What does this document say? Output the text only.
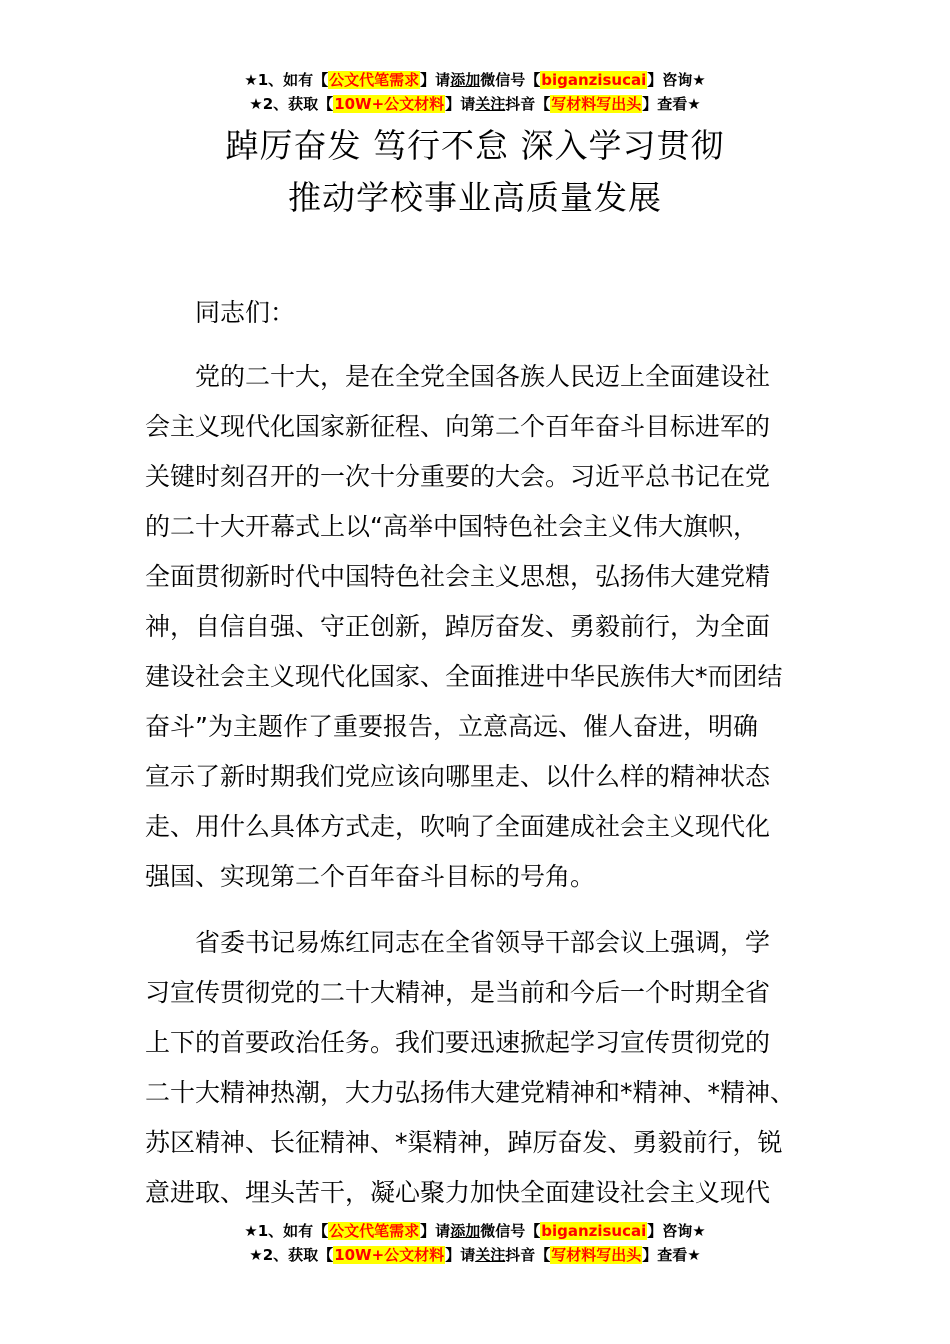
★1、如有【公文代笔需求】请添加微信号【biganzisucai】咨询★
★2、获取【10W+公文材料】请关注抖音【写材料写出头】查看★
踔厉奋发 笃行不怠 深入学习贯彻
推动学校事业高质量发展
同志们：
党的二十大，是在全党全国各族人民迈上全面建设社
会主义现代化国家新征程、向第二个百年奋斗目标进军的
关键时刻召开的一次十分重要的大会。习近平总书记在党
的二十大开幕式上以“高举中国特色社会主义伟大旗帜，
全面贯彻新时代中国特色社会主义思想，弘扬伟大建党精
神，自信自强、守正创新，踔厉奋发、勇毅前行，为全面
建设社会主义现代化国家、全面推进中华民族伟大*而团结
奋斗”为主题作了重要报告，立意高远、催人奋进，明确
宣示了新时期我们党应该向哪里走、以什么样的精神状态
走、用什么具体方式走，吹响了全面建成社会主义现代化
强国、实现第二个百年奋斗目标的号角。
省委书记易炼红同志在全省领导干部会议上强调，学
习宣传贯彻党的二十大精神，是当前和今后一个时期全省
上下的首要政治任务。我们要迅速掀起学习宣传贯彻党的
二十大精神热潮，大力弘扬伟大建党精神和*精神、*精神、
苏区精神、长征精神、*渠精神，踔厉奋发、勇毅前行，锐
意进取、埋头苦干，凝心聚力加快全面建设社会主义现代
★1、如有【公文代笔需求】请添加微信号【biganzisucai】咨询★
★2、获取【10W+公文材料】请关注抖音【写材料写出头】查看★
